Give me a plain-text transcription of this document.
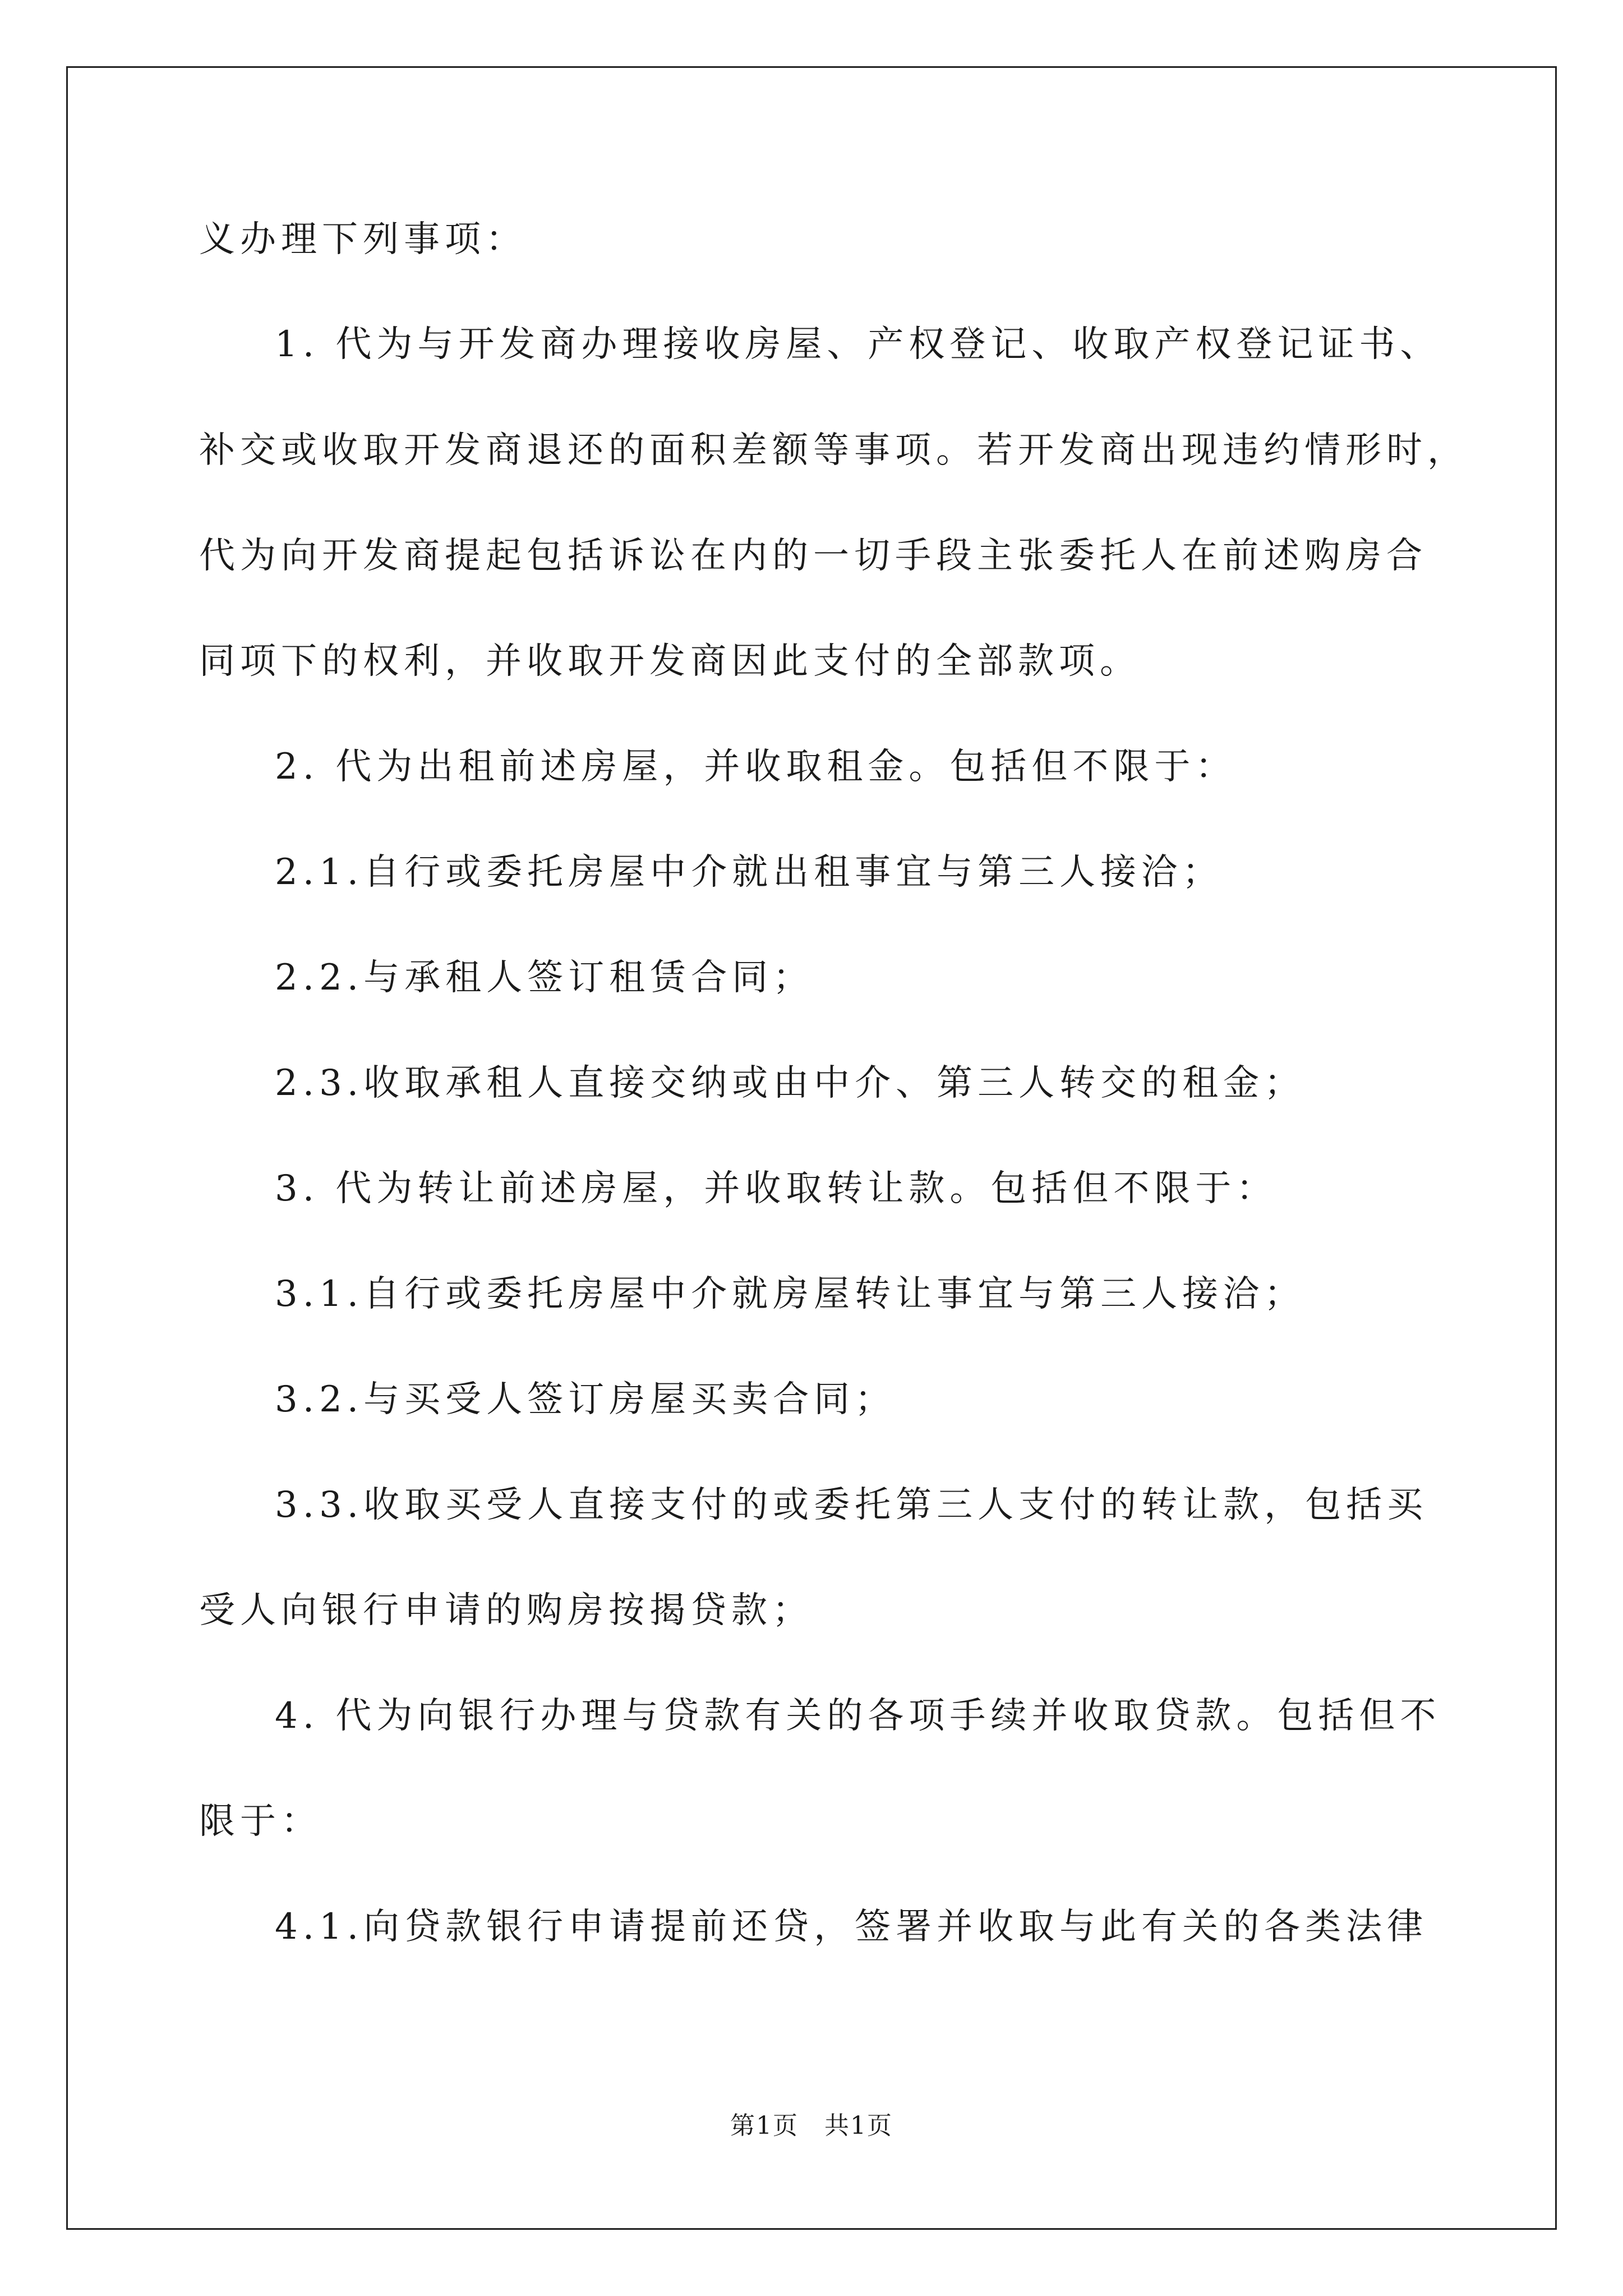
义办理下列事项：
1. 代为与开发商办理接收房屋、产权登记、收取产权登记证书、
补交或收取开发商退还的面积差额等事项。若开发商出现违约情形时，
代为向开发商提起包括诉讼在内的一切手段主张委托人在前述购房合
同项下的权利，并收取开发商因此支付的全部款项。
2. 代为出租前述房屋，并收取租金。包括但不限于：
2.1.自行或委托房屋中介就出租事宜与第三人接洽；
2.2.与承租人签订租赁合同；
2.3.收取承租人直接交纳或由中介、第三人转交的租金；
3. 代为转让前述房屋，并收取转让款。包括但不限于：
3.1.自行或委托房屋中介就房屋转让事宜与第三人接洽；
3.2.与买受人签订房屋买卖合同；
3.3.收取买受人直接支付的或委托第三人支付的转让款，包括买
受人向银行申请的购房按揭贷款；
4. 代为向银行办理与贷款有关的各项手续并收取贷款。包括但不
限于：
4.1.向贷款银行申请提前还贷，签署并收取与此有关的各类法律
第1页　共1页
